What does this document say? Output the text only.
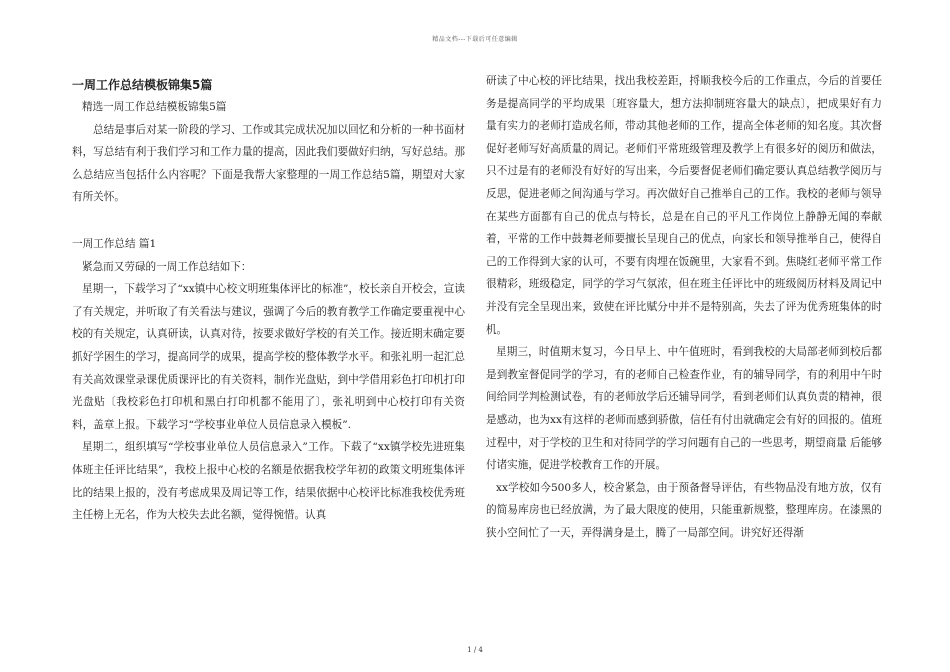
精品文档---下载后可任意编辑
一周工作总结模板锦集5篇

精选一周工作总结模板锦集5篇

总结是事后对某一阶段的学习、工作或其完成状况加以回忆和分析的一种书面材料，写总结有利于我们学习和工作力量的提高，因此我们要做好归纳，写好总结。那么总结应当包括什么内容呢？下面是我帮大家整理的一周工作总结5篇，期望对大家有所关怀。

一周工作总结 篇1

紧急而又劳碌的一周工作总结如下：

星期一，下载学习了“xx镇中心校文明班集体评比的标准”，校长亲自开校会，宣读了有关规定，并听取了有关看法与建议，强调了今后的教育教学工作确定要重视中心校的有关规定，认真研读，认真对待，按要求做好学校的有关工作。接近期末确定要抓好学困生的学习，提高同学的成果，提高学校的整体教学水平。和张礼明一起汇总有关高效课堂录课优质课评比的有关资料，制作光盘贴，到中学借用彩色打印机打印光盘贴〔我校彩色打印机和黑白打印机都不能用了〕，张礼明到中心校打印有关资料，盖章上报。下载学习“学校事业单位人员信息录入模板”.

星期二，组织填写“学校事业单位人员信息录入”工作。下载了“xx镇学校先进班集体班主任评比结果”，我校上报中心校的名额是依据我校学年初的政策文明班集体评比的结果上报的，没有考虑成果及周记等工作，结果依据中心校评比标准我校优秀班主任榜上无名，作为大校失去此名额，觉得惋惜。认真

研读了中心校的评比结果，找出我校差距，捋顺我校今后的工作重点，今后的首要任务是提高同学的平均成果〔班容量大，想方法抑制班容量大的缺点〕，把成果好有力量有实力的老师打造成名师，带动其他老师的工作，提高全体老师的知名度。其次督促好老师写好高质量的周记。老师们平常班级管理及教学上有很多好的阅历和做法，只不过是有的老师没有好好的写出来，今后要督促老师们确定要认真总结教学阅历与反思，促进老师之间沟通与学习。再次做好自己推举自己的工作。我校的老师与领导在某些方面都有自己的优点与特长，总是在自己的平凡工作岗位上静静无闻的奉献着，平常的工作中鼓舞老师要擅长呈现自己的优点，向家长和领导推举自己，使得自己的工作得到大家的认可，不要有肉埋在饭碗里，大家看不到。焦晓红老师平常工作很精彩，班级稳定，同学的学习气氛浓，但在班主任评比中的班级阅历材料及周记中并没有完全呈现出来，致使在评比赋分中并不是特别高，失去了评为优秀班集体的时机。

星期三，时值期末复习，今日早上、中午值班时，看到我校的大局部老师到校后都是到教室督促同学的学习，有的老师自己检查作业，有的辅导同学，有的利用中午时间给同学判检测试卷，有的老师放学后还辅导同学，看到老师们认真负责的精神，很是感动，也为xx有这样的老师而感到骄傲，信任有付出就确定会有好的回报的。值班过程中，对于学校的卫生和对待同学的学习问题有自己的一些思考，期望商量 后能够付诸实施，促进学校教育工作的开展。

xx学校如今500多人，校舍紧急，由于预备督导评估，有些物品没有地方放，仅有的简易库房也已经放满，为了最大限度的使用，只能重新规整，整理库房。在漆黑的狭小空间忙了一天，弄得满身是土，腾了一局部空间。讲究好还得渐

1 / 4
